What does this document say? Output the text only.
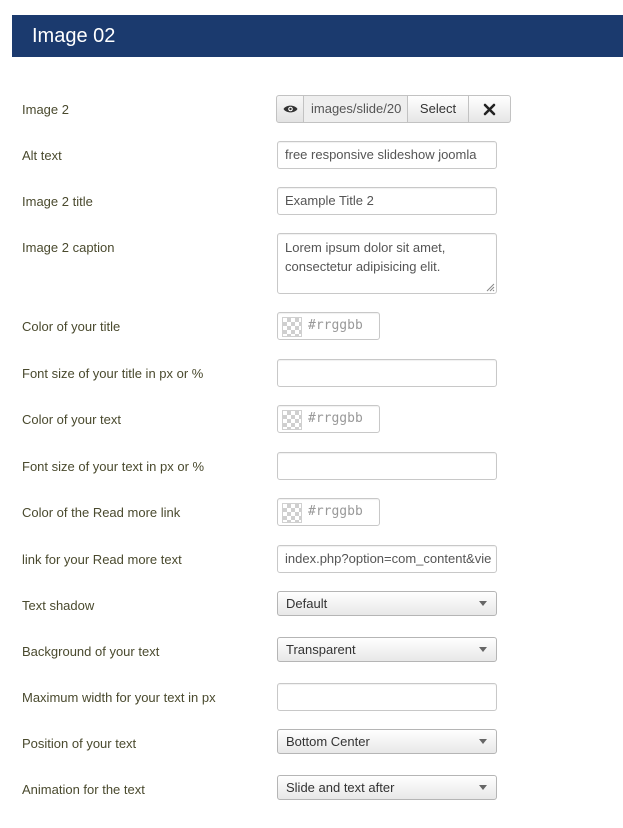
Image 02
Image 2	images/slide/20	Select
Alt text	free responsive slideshow joomla
Image 2 title	Example Title 2
Image 2 caption	Lorem ipsum dolor sit amet, consectetur adipisicing elit.
Color of your title	#rrggbb
Font size of your title in px or %
Color of your text	#rrggbb
Font size of your text in px or %
Color of the Read more link	#rrggbb
link for your Read more text	index.php?option=com_content&vie
Text shadow	Default
Background of your text	Transparent
Maximum width for your text in px
Position of your text	Bottom Center
Animation for the text	Slide and text after
